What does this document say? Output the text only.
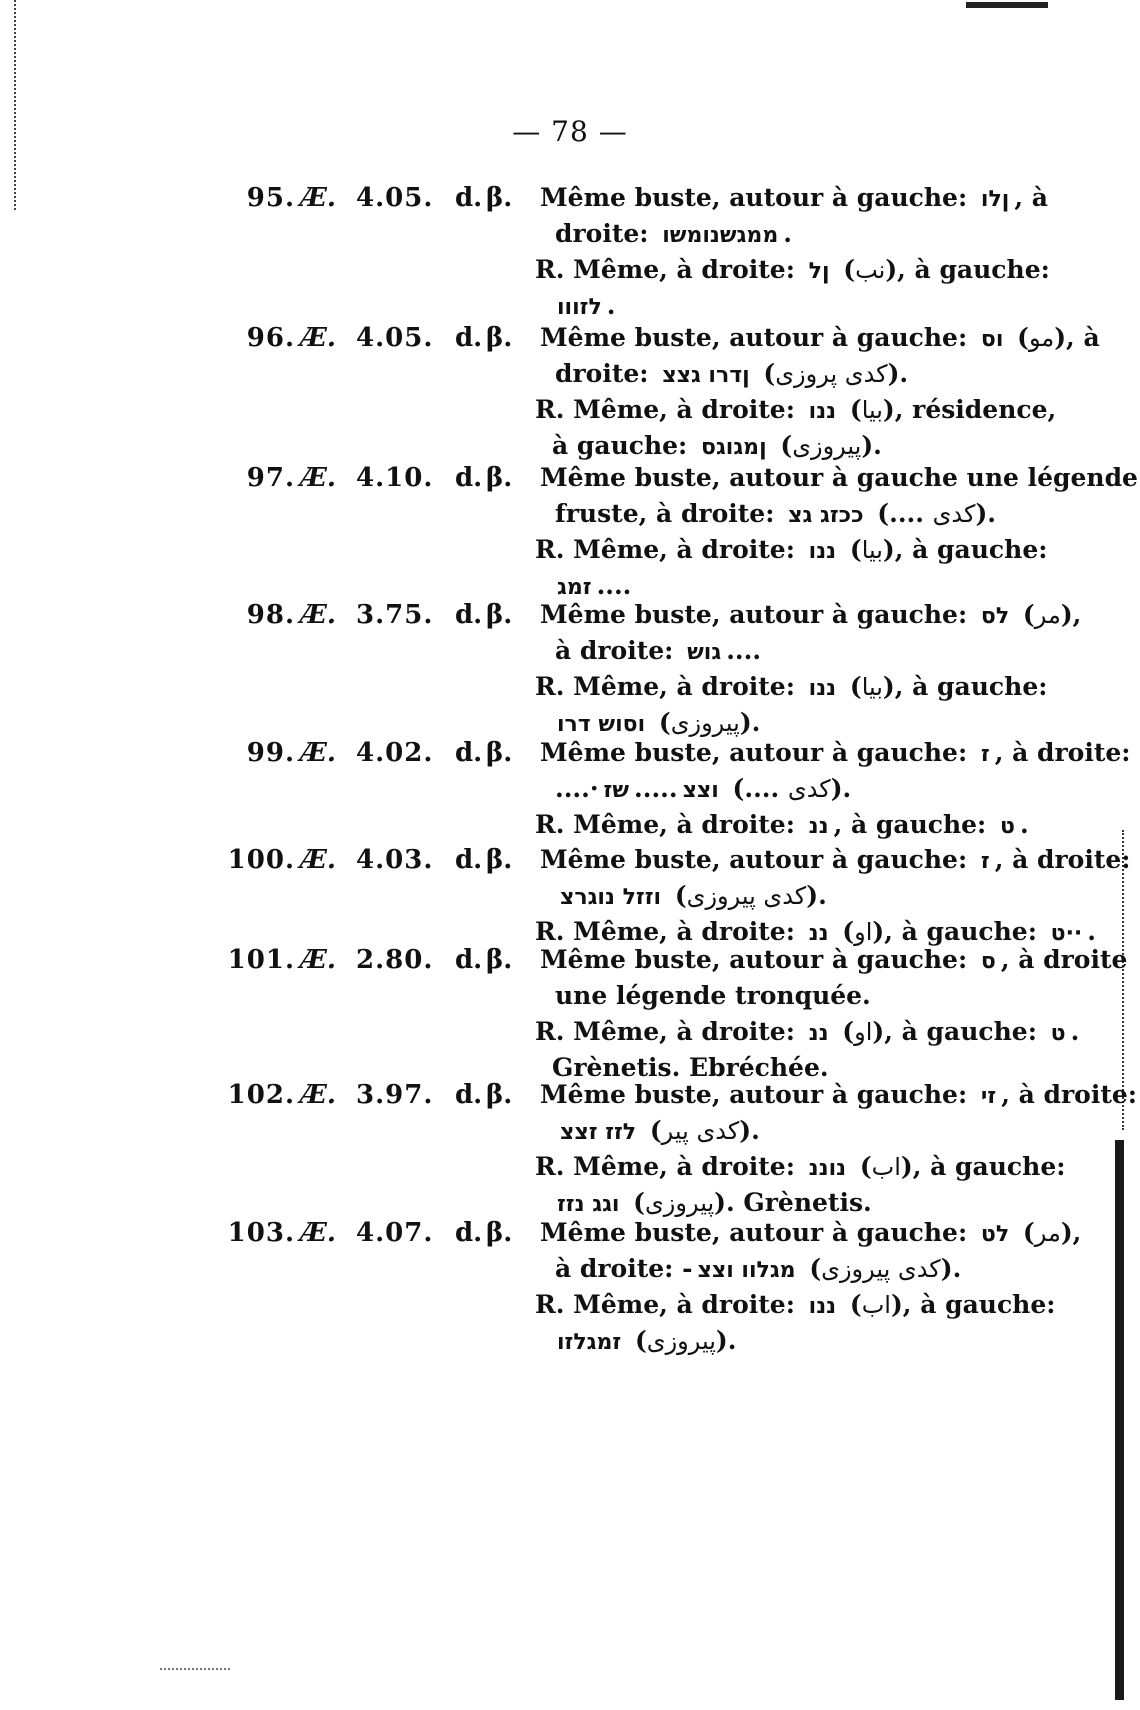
— 78 —
95. Æ. 4.05. d. β. Même buste, autour à gauche: ןלו , à
droite: ממגשנומשו .
R. Même, à droite: ןל (نب), à gauche:
לזווו .
96. Æ. 4.05. d. β. Même buste, autour à gauche: וס (مو), à
droite: ןדרו גצצ (کدی پروزی).
R. Même, à droite: ננו (بیا), résidence,
à gauche: ןמגוגס (پیروزی).
97. Æ. 4.10. d. β. Même buste, autour à gauche une légende
fruste, à droite: ככזג גצ (.... کدی).
R. Même, à droite: ננו (بیا), à gauche:
זמג ....
98. Æ. 3.75. d. β. Même buste, autour à gauche: לס (مر),
à droite: גוש ....
R. Même, à droite: ננו (بیا), à gauche:
וסוש דרו (پیروزی).
99. Æ. 4.02. d. β. Même buste, autour à gauche: ז , à droite:
....· שז ..... וצצ (.... کدی).
R. Même, à droite: ננ , à gauche: ט .
100. Æ. 4.03. d. β. Même buste, autour à gauche: ז , à droite:
וזזל נוגרצ (کدی پیروزی).
R. Même, à droite: ננ (او), à gauche: ··ט .
101. Æ. 2.80. d. β. Même buste, autour à gauche: ס , à droite
une légende tronquée.
R. Même, à droite: ננ (او), à gauche: ט .
Grènetis. Ebréchée.
102. Æ. 3.97. d. β. Même buste, autour à gauche: זי , à droite:
לזז זצצ (کدی پیر).
R. Même, à droite: נוננ (اب), à gauche:
וגג נזז (پیروزی). Grènetis.
103. Æ. 4.07. d. β. Même buste, autour à gauche: לט (مر),
à droite: - מגלוו וצצ (کدی پیروزی).
R. Même, à droite: ננו (اب), à gauche:
זמגלזו (پیروزی).
